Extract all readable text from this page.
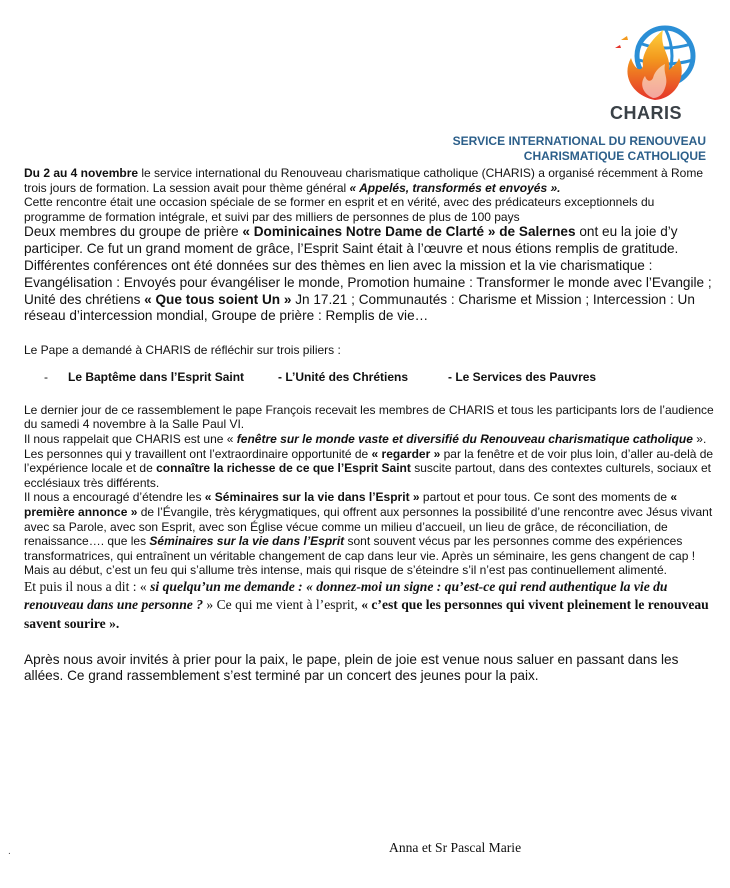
CHARIS
SERVICE INTERNATIONAL DU RENOUVEAU
CHARISMATIQUE CATHOLIQUE

Du 2 au 4 novembre le service international du Renouveau charismatique catholique (CHARIS) a organisé récemment à Rome trois jours de formation. La session avait pour thème général « Appelés, transformés et envoyés ».

Cette rencontre était une occasion spéciale de se former en esprit et en vérité, avec des prédicateurs exceptionnels du programme de formation intégrale, et suivi par des milliers de personnes de plus de 100 pays

Deux membres du groupe de prière « Dominicaines Notre Dame de Clarté » de Salernes ont eu la joie d’y participer. Ce fut un grand moment de grâce, l’Esprit Saint était à l’œuvre et nous étions remplis de gratitude.

Différentes conférences ont été données sur des thèmes en lien avec la mission et la vie charismatique : Evangélisation : Envoyés pour évangéliser le monde, Promotion humaine : Transformer le monde avec l’Evangile ; Unité des chrétiens « Que tous soient Un » Jn 17.21 ; Communautés : Charisme et Mission ; Intercession : Un réseau d’intercession mondial, Groupe de prière : Remplis de vie…

Le Pape a demandé à CHARIS de réfléchir sur trois piliers :

-	Le Baptême dans l’Esprit Saint	- L’Unité des Chrétiens	- Le Services des Pauvres

Le dernier jour de ce rassemblement le pape François recevait les membres de CHARIS et tous les participants lors de l’audience du samedi 4 novembre à la Salle Paul VI.

Il nous rappelait que CHARIS est une « fenêtre sur le monde vaste et diversifié du Renouveau charismatique catholique ». Les personnes qui y travaillent ont l’extraordinaire opportunité de « regarder » par la fenêtre et de voir plus loin, d’aller au-delà de l’expérience locale et de connaître la richesse de ce que l’Esprit Saint suscite partout, dans des contextes culturels, sociaux et ecclésiaux très différents.

Il nous a encouragé d’étendre les « Séminaires sur la vie dans l’Esprit » partout et pour tous. Ce sont des moments de « première annonce » de l’Évangile, très kérygmatiques, qui offrent aux personnes la possibilité d’une rencontre avec Jésus vivant avec sa Parole, avec son Esprit, avec son Église vécue comme un milieu d’accueil, un lieu de grâce, de réconciliation, de renaissance…. que les Séminaires sur la vie dans l’Esprit sont souvent vécus par les personnes comme des expériences transformatrices, qui entraînent un véritable changement de cap dans leur vie. Après un séminaire, les gens changent de cap ! Mais au début, c’est un feu qui s’allume très intense, mais qui risque de s’éteindre s’il n’est pas continuellement alimenté.

Et puis il nous a dit : « si quelqu’un me demande : « donnez-moi un signe : qu’est-ce qui rend authentique la vie du renouveau dans une personne ? » Ce qui me vient à l’esprit, « c’est que les personnes qui vivent pleinement le renouveau savent sourire ».

Après nous avoir invités à prier pour la paix, le pape, plein de joie est venue nous saluer en passant dans les allées. Ce grand rassemblement s’est terminé par un concert des jeunes pour la paix.

.	Anna et Sr Pascal Marie
